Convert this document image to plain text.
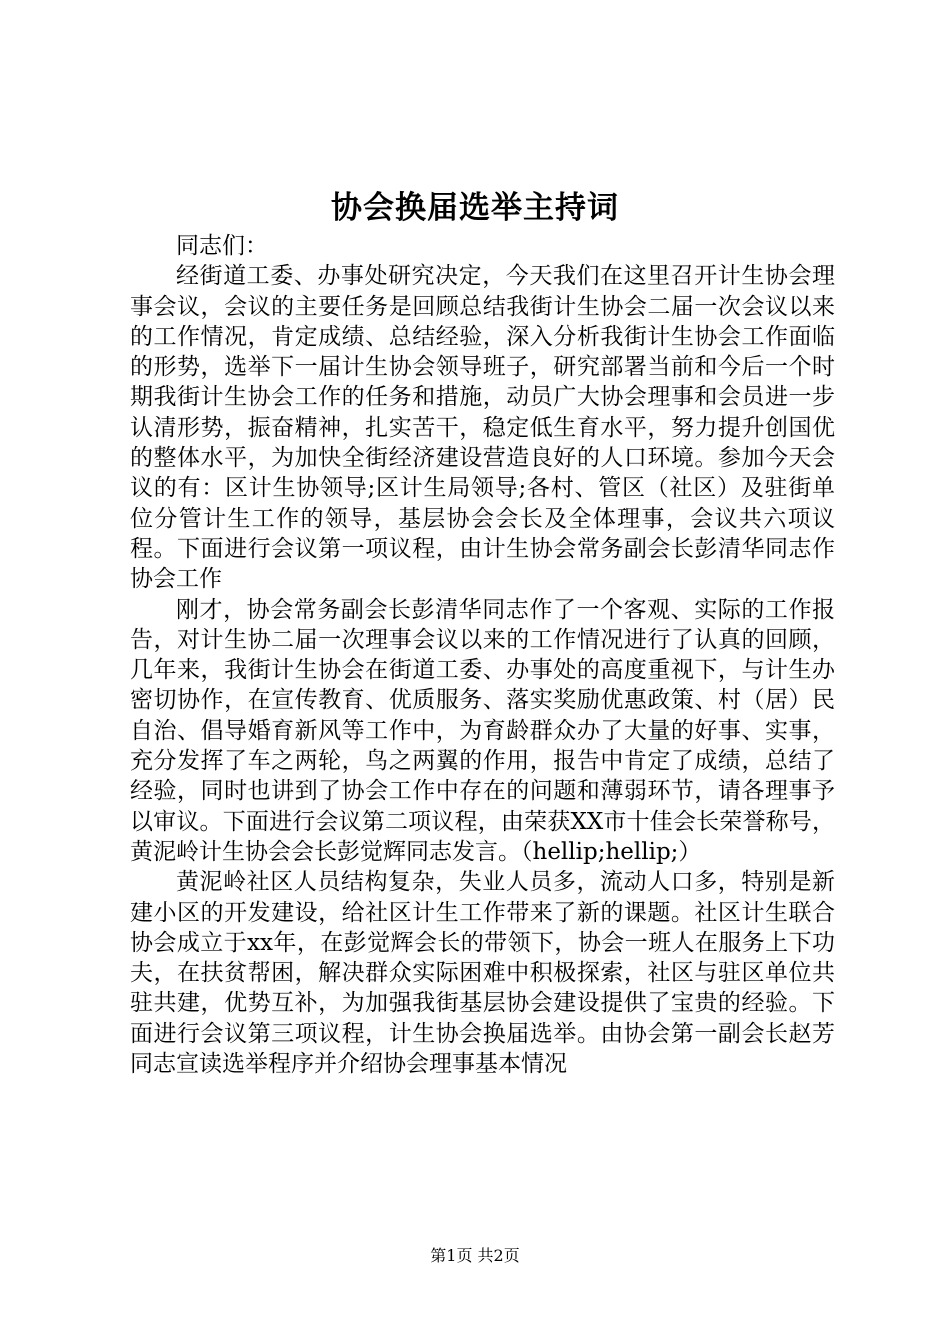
协会换届选举主持词

同志们：

经街道工委、办事处研究决定，今天我们在这里召开计生协会理事会议，会议的主要任务是回顾总结我街计生协会二届一次会议以来的工作情况，肯定成绩、总结经验，深入分析我街计生协会工作面临的形势，选举下一届计生协会领导班子，研究部署当前和今后一个时期我街计生协会工作的任务和措施，动员广大协会理事和会员进一步认清形势，振奋精神，扎实苦干，稳定低生育水平，努力提升创国优的整体水平，为加快全街经济建设营造良好的人口环境。参加今天会议的有：区计生协领导;区计生局领导;各村、管区（社区）及驻街单位分管计生工作的领导，基层协会会长及全体理事，会议共六项议程。下面进行会议第一项议程，由计生协会常务副会长彭清华同志作协会工作

刚才，协会常务副会长彭清华同志作了一个客观、实际的工作报告，对计生协二届一次理事会议以来的工作情况进行了认真的回顾，几年来，我街计生协会在街道工委、办事处的高度重视下，与计生办密切协作，在宣传教育、优质服务、落实奖励优惠政策、村（居）民自治、倡导婚育新风等工作中，为育龄群众办了大量的好事、实事，充分发挥了车之两轮，鸟之两翼的作用，报告中肯定了成绩，总结了经验，同时也讲到了协会工作中存在的问题和薄弱环节，请各理事予以审议。下面进行会议第二项议程，由荣获XX市十佳会长荣誉称号，黄泥岭计生协会会长彭觉辉同志发言。（hellip;hellip;）

黄泥岭社区人员结构复杂，失业人员多，流动人口多，特别是新建小区的开发建设，给社区计生工作带来了新的课题。社区计生联合协会成立于xx年，在彭觉辉会长的带领下，协会一班人在服务上下功夫，在扶贫帮困，解决群众实际困难中积极探索，社区与驻区单位共驻共建，优势互补，为加强我街基层协会建设提供了宝贵的经验。下面进行会议第三项议程，计生协会换届选举。由协会第一副会长赵芳同志宣读选举程序并介绍协会理事基本情况

第1页 共2页
